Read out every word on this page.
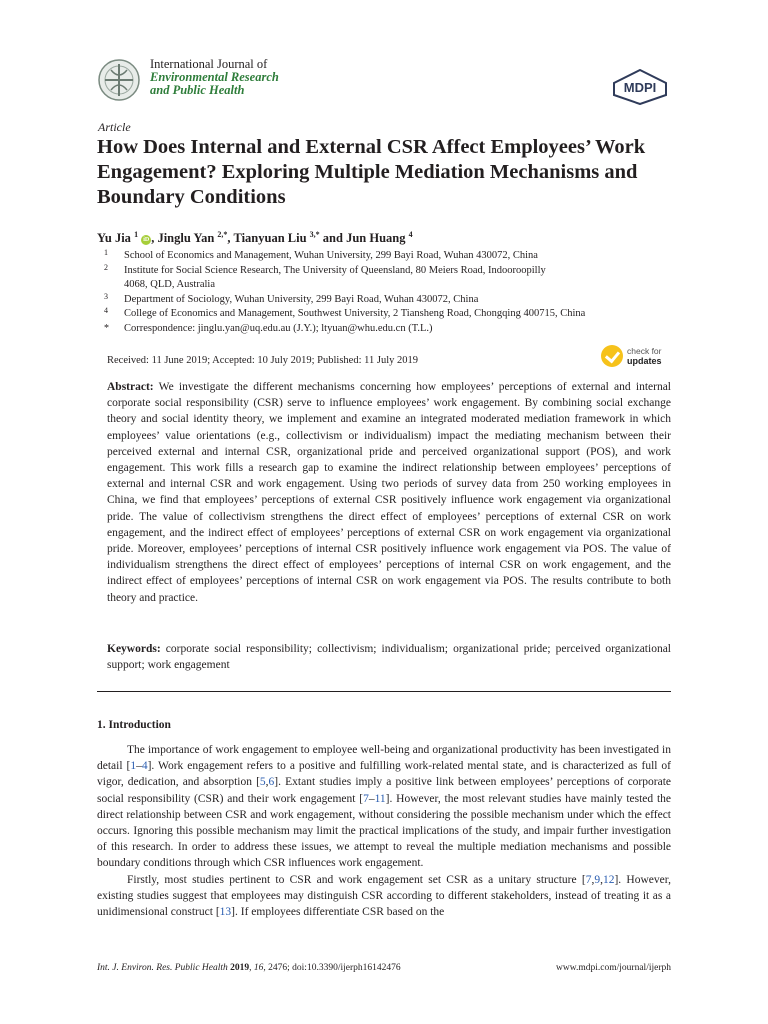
International Journal of
Environmental Research
and Public Health	MDPI
Article
How Does Internal and External CSR Affect Employees’ Work Engagement? Exploring Multiple Mediation Mechanisms and Boundary Conditions
Yu Jia $^1$ iD , Jinglu Yan $^{2,*}$, Tianyuan Liu $^{3,*}$ and Jun Huang $^4$
1 School of Economics and Management, Wuhan University, 299 Bayi Road, Wuhan 430072, China
2 Institute for Social Science Research, The University of Queensland, 80 Meiers Road, Indooroopilly 4068, QLD, Australia
3 Department of Sociology, Wuhan University, 299 Bayi Road, Wuhan 430072, China
4 College of Economics and Management, Southwest University, 2 Tiansheng Road, Chongqing 400715, China
* Correspondence: jinglu.yan@uq.edu.au (J.Y.); ltyuan@whu.edu.cn (T.L.)
Received: 11 June 2019; Accepted: 10 July 2019; Published: 11 July 2019
check for
updates
Abstract: We investigate the different mechanisms concerning how employees’ perceptions of external and internal corporate social responsibility (CSR) serve to influence employees’ work engagement. By combining social exchange theory and social identity theory, we implement and examine an integrated moderated mediation framework in which employees’ value orientations (e.g., collectivism or individualism) impact the mediating mechanism between their perceived external and internal CSR, organizational pride and perceived organizational support (POS), and work engagement. This work fills a research gap to examine the indirect relationship between employees’ perceptions of external and internal CSR and work engagement. Using two periods of survey data from 250 working employees in China, we find that employees’ perceptions of external CSR positively influence work engagement via organizational pride. The value of collectivism strengthens the direct effect of employees’ perceptions of external CSR on work engagement, and the indirect effect of employees’ perceptions of external CSR on work engagement via organizational pride. Moreover, employees’ perceptions of internal CSR positively influence work engagement via POS. The value of individualism strengthens the direct effect of employees’ perceptions of internal CSR on work engagement, and the indirect effect of employees’ perceptions of internal CSR on work engagement via POS. The results contribute to both theory and practice.
Keywords: corporate social responsibility; collectivism; individualism; organizational pride; perceived organizational support; work engagement
1. Introduction

The importance of work engagement to employee well-being and organizational productivity has been investigated in detail [1–4]. Work engagement refers to a positive and fulfilling work-related mental state, and is characterized as full of vigor, dedication, and absorption [5,6]. Extant studies imply a positive link between employees’ perceptions of corporate social responsibility (CSR) and their work engagement [7–11]. However, the most relevant studies have mainly tested the direct relationship between CSR and work engagement, without considering the possible mechanism under which the effect occurs. Ignoring this possible mechanism may limit the practical implications of the study, and impair further investigation of this research. In order to address these issues, we attempt to reveal the multiple mediation mechanisms and possible boundary conditions through which CSR influences work engagement.

Firstly, most studies pertinent to CSR and work engagement set CSR as a unitary structure [7,9,12]. However, existing studies suggest that employees may distinguish CSR according to different stakeholders, instead of treating it as a unidimensional construct [13]. If employees differentiate CSR based on the

Int. J. Environ. Res. Public Health 2019, 16, 2476; doi:10.3390/ijerph16142476	www.mdpi.com/journal/ijerph
